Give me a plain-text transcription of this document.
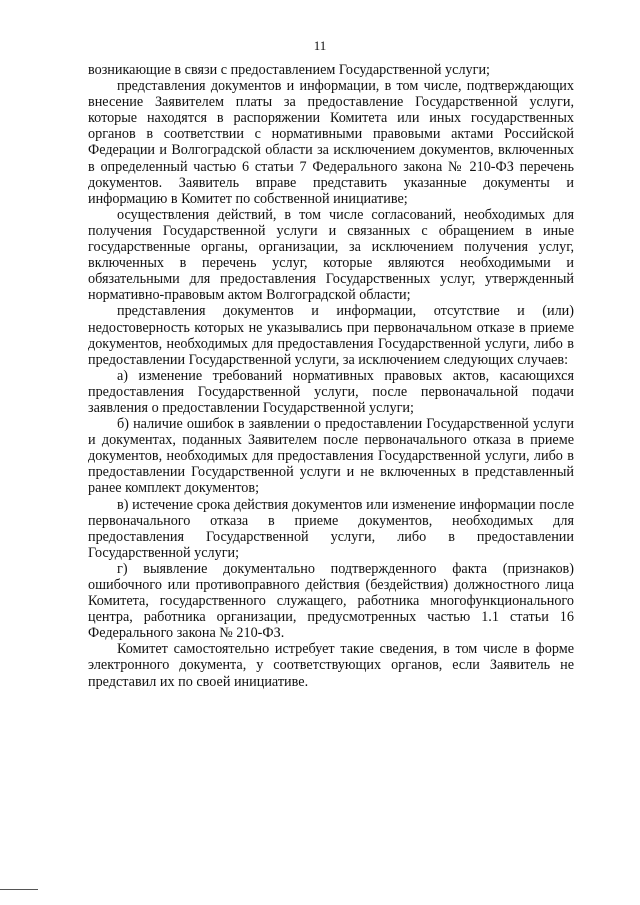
11

возникающие в связи с предоставлением Государственной услуги;

представления документов и информации, в том числе, подтверждающих внесение Заявителем платы за предоставление Государственной услуги, которые находятся в распоряжении Комитета или иных государственных органов в соответствии с нормативными правовыми актами Российской Федерации и Волгоградской области за исключением документов, включенных в определенный частью 6 статьи 7 Федерального закона № 210-ФЗ перечень документов. Заявитель вправе представить указанные документы и информацию в Комитет по собственной инициативе;

осуществления действий, в том числе согласований, необходимых для получения Государственной услуги и связанных с обращением в иные государственные органы, организации, за исключением получения услуг, включенных в перечень услуг, которые являются необходимыми и обязательными для предоставления Государственных услуг, утвержденный нормативно-правовым актом Волгоградской области;

представления документов и информации, отсутствие и (или) недостоверность которых не указывались при первоначальном отказе в приеме документов, необходимых для предоставления Государственной услуги, либо в предоставлении Государственной услуги, за исключением следующих случаев:

а) изменение требований нормативных правовых актов, касающихся предоставления Государственной услуги, после первоначальной подачи заявления о предоставлении Государственной услуги;

б) наличие ошибок в заявлении о предоставлении Государственной услуги и документах, поданных Заявителем после первоначального отказа в приеме документов, необходимых для предоставления Государственной услуги, либо в предоставлении Государственной услуги и не включенных в представленный ранее комплект документов;

в) истечение срока действия документов или изменение информации после первоначального отказа в приеме документов, необходимых для предоставления Государственной услуги, либо в предоставлении Государственной услуги;

г) выявление документально подтвержденного факта (признаков) ошибочного или противоправного действия (бездействия) должностного лица Комитета, государственного служащего, работника многофункционального центра, работника организации, предусмотренных частью 1.1 статьи 16 Федерального закона № 210-ФЗ.

Комитет самостоятельно истребует такие сведения, в том числе в форме электронного документа, у соответствующих органов, если Заявитель не представил их по своей инициативе.
